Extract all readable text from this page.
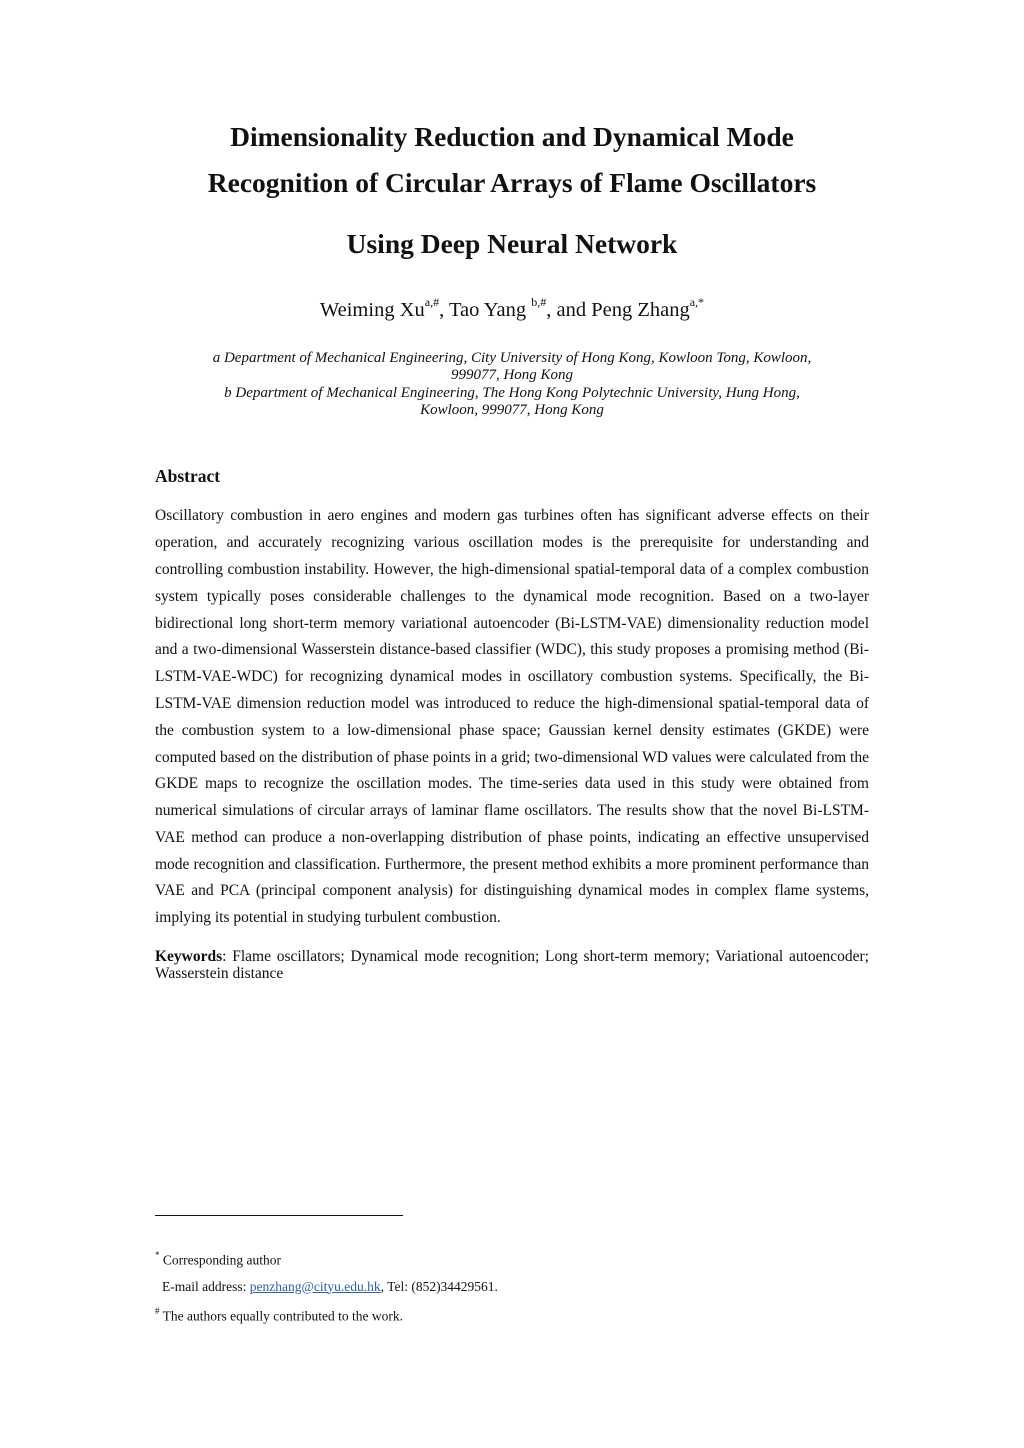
Dimensionality Reduction and Dynamical Mode
Recognition of Circular Arrays of Flame Oscillators
Using Deep Neural Network
Weiming $Xu^{a,\#}$, Tao Yang $^{b,\#}$, and Peng Zhang$^{a,*}$
a Department of Mechanical Engineering, City University of Hong Kong, Kowloon Tong, Kowloon,
999077, Hong Kong
b Department of Mechanical Engineering, The Hong Kong Polytechnic University, Hung Hong,
Kowloon, 999077, Hong Kong
Abstract

Oscillatory combustion in aero engines and modern gas turbines often has significant adverse effects on their operation, and accurately recognizing various oscillation modes is the prerequisite for understanding and controlling combustion instability. However, the high-dimensional spatial-temporal data of a complex combustion system typically poses considerable challenges to the dynamical mode recognition. Based on a two-layer bidirectional long short-term memory variational autoencoder (Bi-LSTM-VAE) dimensionality reduction model and a two-dimensional Wasserstein distance-based classifier (WDC), this study proposes a promising method (Bi-LSTM-VAE-WDC) for recognizing dynamical modes in oscillatory combustion systems. Specifically, the Bi-LSTM-VAE dimension reduction model was introduced to reduce the high-dimensional spatial-temporal data of the combustion system to a low-dimensional phase space; Gaussian kernel density estimates (GKDE) were computed based on the distribution of phase points in a grid; two-dimensional WD values were calculated from the GKDE maps to recognize the oscillation modes. The time-series data used in this study were obtained from numerical simulations of circular arrays of laminar flame oscillators. The results show that the novel Bi-LSTM-VAE method can produce a non-overlapping distribution of phase points, indicating an effective unsupervised mode recognition and classification. Furthermore, the present method exhibits a more prominent performance than VAE and PCA (principal component analysis) for distinguishing dynamical modes in complex flame systems, implying its potential in studying turbulent combustion.

Keywords: Flame oscillators; Dynamical mode recognition; Long short-term memory; Variational autoencoder; Wasserstein distance

* Corresponding author
E-mail address: penzhang@cityu.edu.hk, Tel: (852)34429561.
# The authors equally contributed to the work.
